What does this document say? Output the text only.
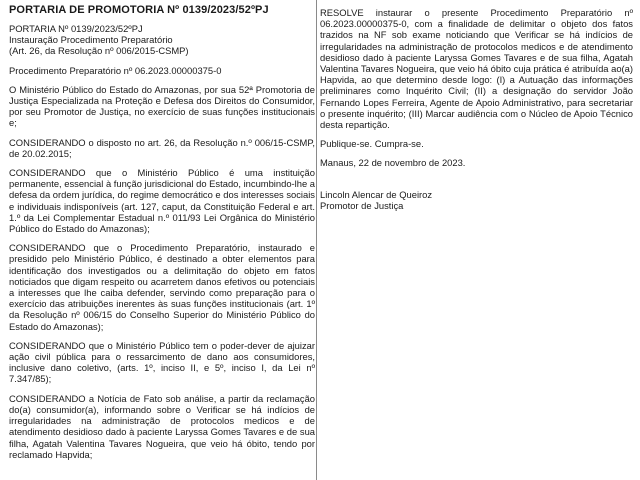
PORTARIA DE PROMOTORIA Nº 0139/2023/52ºPJ

PORTARIA Nº 0139/2023/52ºPJ

Instauração Procedimento Preparatório

(Art. 26, da Resolução nº 006/2015-CSMP)

Procedimento Preparatório nº 06.2023.00000375-0

O Ministério Público do Estado do Amazonas, por sua 52ª Promotoria de Justiça Especializada na Proteção e Defesa dos Direitos do Consumidor, por seu Promotor de Justiça, no exercício de suas funções institucionais e;

CONSIDERANDO o disposto no art. 26, da Resolução n.º 006/15-CSMP, de 20.02.2015;

CONSIDERANDO que o Ministério Público é uma instituição permanente, essencial à função jurisdicional do Estado, incumbindo-lhe a defesa da ordem jurídica, do regime democrático e dos interesses sociais e individuais indisponíveis (art. 127, caput, da Constituição Federal e art. 1.º da Lei Complementar Estadual n.º 011/93 Lei Orgânica do Ministério Público do Estado do Amazonas);

CONSIDERANDO que o Procedimento Preparatório, instaurado e presidido pelo Ministério Público, é destinado a obter elementos para identificação dos investigados ou a delimitação do objeto em fatos noticiados que digam respeito ou acarretem danos efetivos ou potenciais a interesses que lhe caiba defender, servindo como preparação para o exercício das atribuições inerentes às suas funções institucionais (art. 1º da Resolução nº 006/15 do Conselho Superior do Ministério Público do Estado do Amazonas);

CONSIDERANDO que o Ministério Público tem o poder-dever de ajuizar ação civil pública para o ressarcimento de dano aos consumidores, inclusive dano coletivo, (arts. 1º, inciso II, e 5º, inciso I, da Lei nº 7.347/85);

CONSIDERANDO a Notícia de Fato sob análise, a partir da reclamação do(a) consumidor(a), informando sobre o Verificar se há indícios de irregularidades na administração de protocolos medicos e de atendimento desidioso dado à paciente Laryssa Gomes Tavares e de sua filha, Agatah Valentina Tavares Nogueira, que veio há óbito, tendo por reclamado Hapvida;

RESOLVE instaurar o presente Procedimento Preparatório nº 06.2023.00000375-0, com a finalidade de delimitar o objeto dos fatos trazidos na NF sob exame noticiando que Verificar se há indícios de irregularidades na administração de protocolos medicos e de atendimento desidioso dado à paciente Laryssa Gomes Tavares e de sua filha, Agatah Valentina Tavares Nogueira, que veio há óbito cuja prática é atribuída ao(a) Hapvida, ao que determino desde logo: (I) a Autuação das informações preliminares como Inquérito Civil; (II) a designação do servidor João Fernando Lopes Ferreira, Agente de Apoio Administrativo, para secretariar o presente inquérito; (III) Marcar audiência com o Núcleo de Apoio Técnico desta repartição.

Publique-se. Cumpra-se.

Manaus, 22 de novembro de 2023.

Lincoln Alencar de Queiroz

Promotor de Justiça
